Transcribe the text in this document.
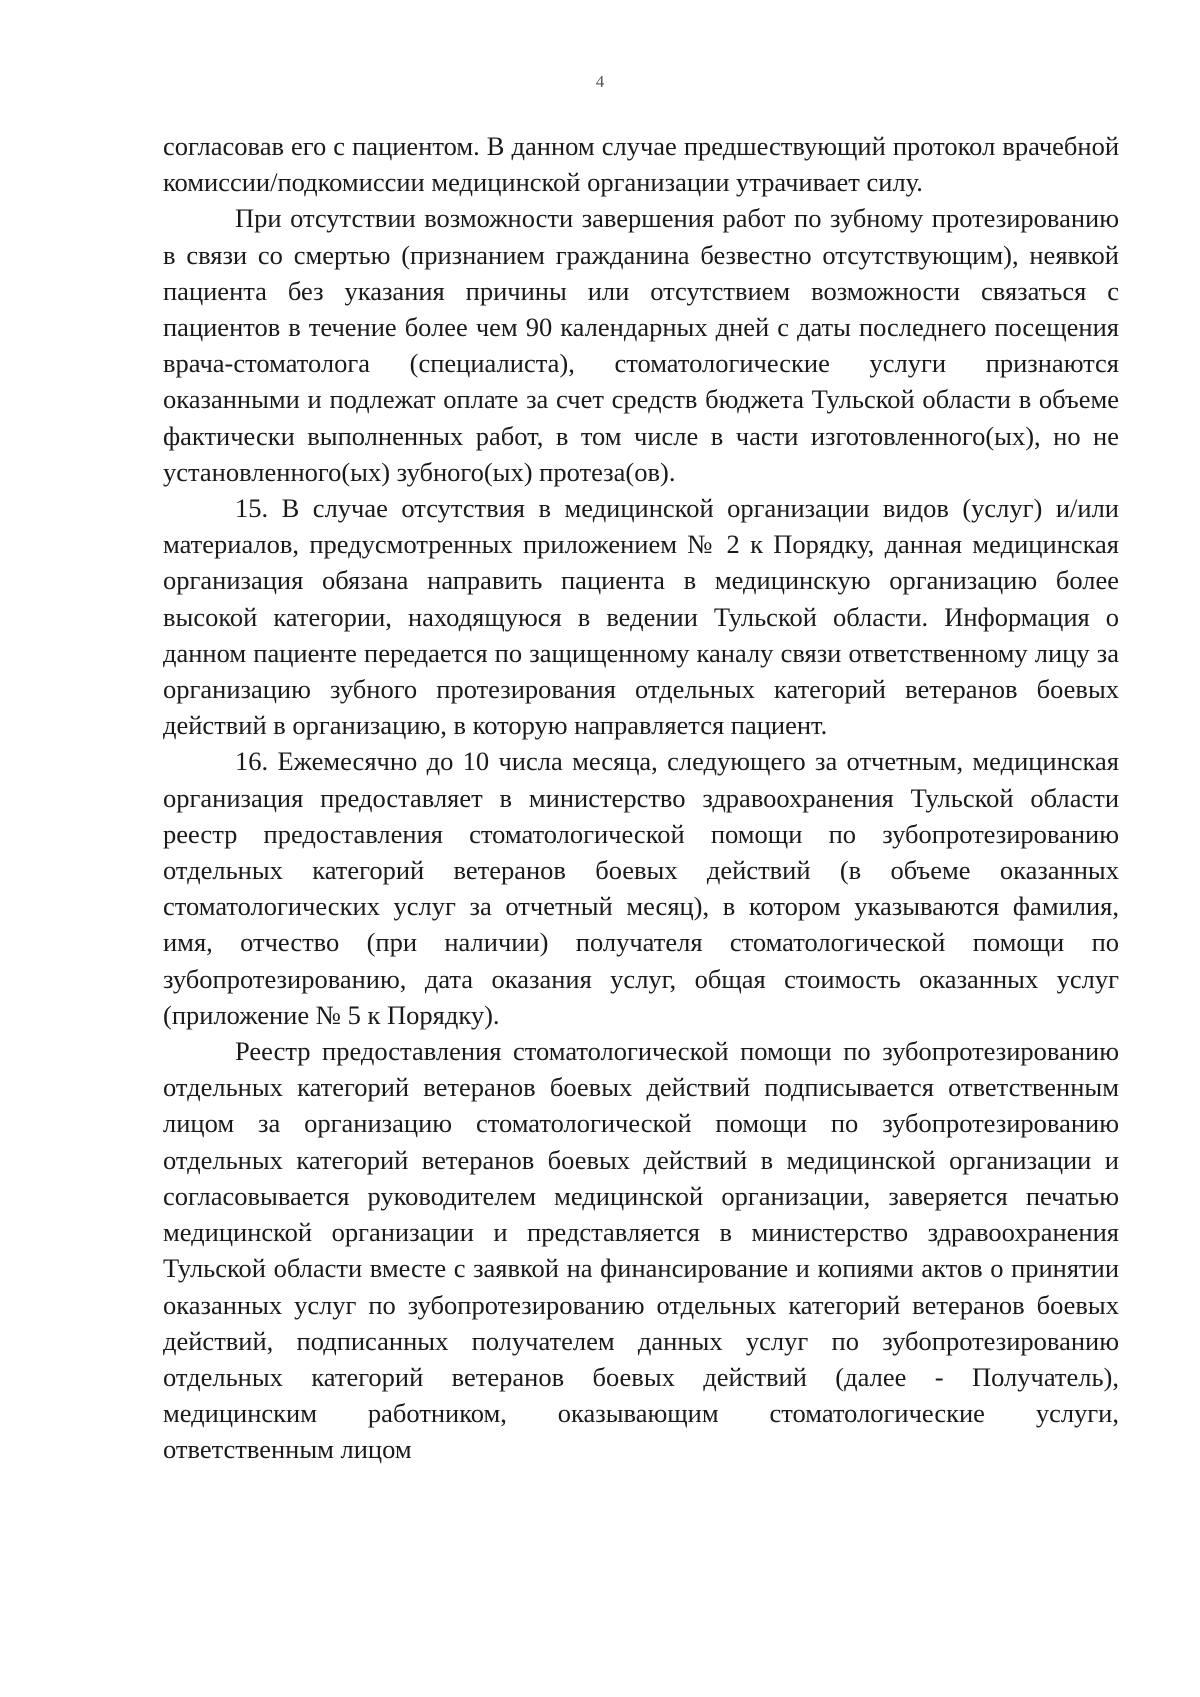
4

согласовав его с пациентом. В данном случае предшествующий протокол врачебной комиссии/подкомиссии медицинской организации утрачивает силу.

При отсутствии возможности завершения работ по зубному протезированию в связи со смертью (признанием гражданина безвестно отсутствующим), неявкой пациента без указания причины или отсутствием возможности связаться с пациентов в течение более чем 90 календарных дней с даты последнего посещения врача-стоматолога (специалиста), стоматологические услуги признаются оказанными и подлежат оплате за счет средств бюджета Тульской области в объеме фактически выполненных работ, в том числе в части изготовленного(ых), но не установленного(ых) зубного(ых) протеза(ов).

15. В случае отсутствия в медицинской организации видов (услуг) и/или материалов, предусмотренных приложением № 2 к Порядку, данная медицинская организация обязана направить пациента в медицинскую организацию более высокой категории, находящуюся в ведении Тульской области. Информация о данном пациенте передается по защищенному каналу связи ответственному лицу за организацию зубного протезирования отдельных категорий ветеранов боевых действий в организацию, в которую направляется пациент.

16. Ежемесячно до 10 числа месяца, следующего за отчетным, медицинская организация предоставляет в министерство здравоохранения Тульской области реестр предоставления стоматологической помощи по зубопротезированию отдельных категорий ветеранов боевых действий (в объеме оказанных стоматологических услуг за отчетный месяц), в котором указываются фамилия, имя, отчество (при наличии) получателя стоматологической помощи по зубопротезированию, дата оказания услуг, общая стоимость оказанных услуг (приложение № 5 к Порядку).

Реестр предоставления стоматологической помощи по зубопротезированию отдельных категорий ветеранов боевых действий подписывается ответственным лицом за организацию стоматологической помощи по зубопротезированию отдельных категорий ветеранов боевых действий в медицинской организации и согласовывается руководителем медицинской организации, заверяется печатью медицинской организации и представляется в министерство здравоохранения Тульской области вместе с заявкой на финансирование и копиями актов о принятии оказанных услуг по зубопротезированию отдельных категорий ветеранов боевых действий, подписанных получателем данных услуг по зубопротезированию отдельных категорий ветеранов боевых действий (далее - Получатель), медицинским работником, оказывающим стоматологические услуги, ответственным лицом
